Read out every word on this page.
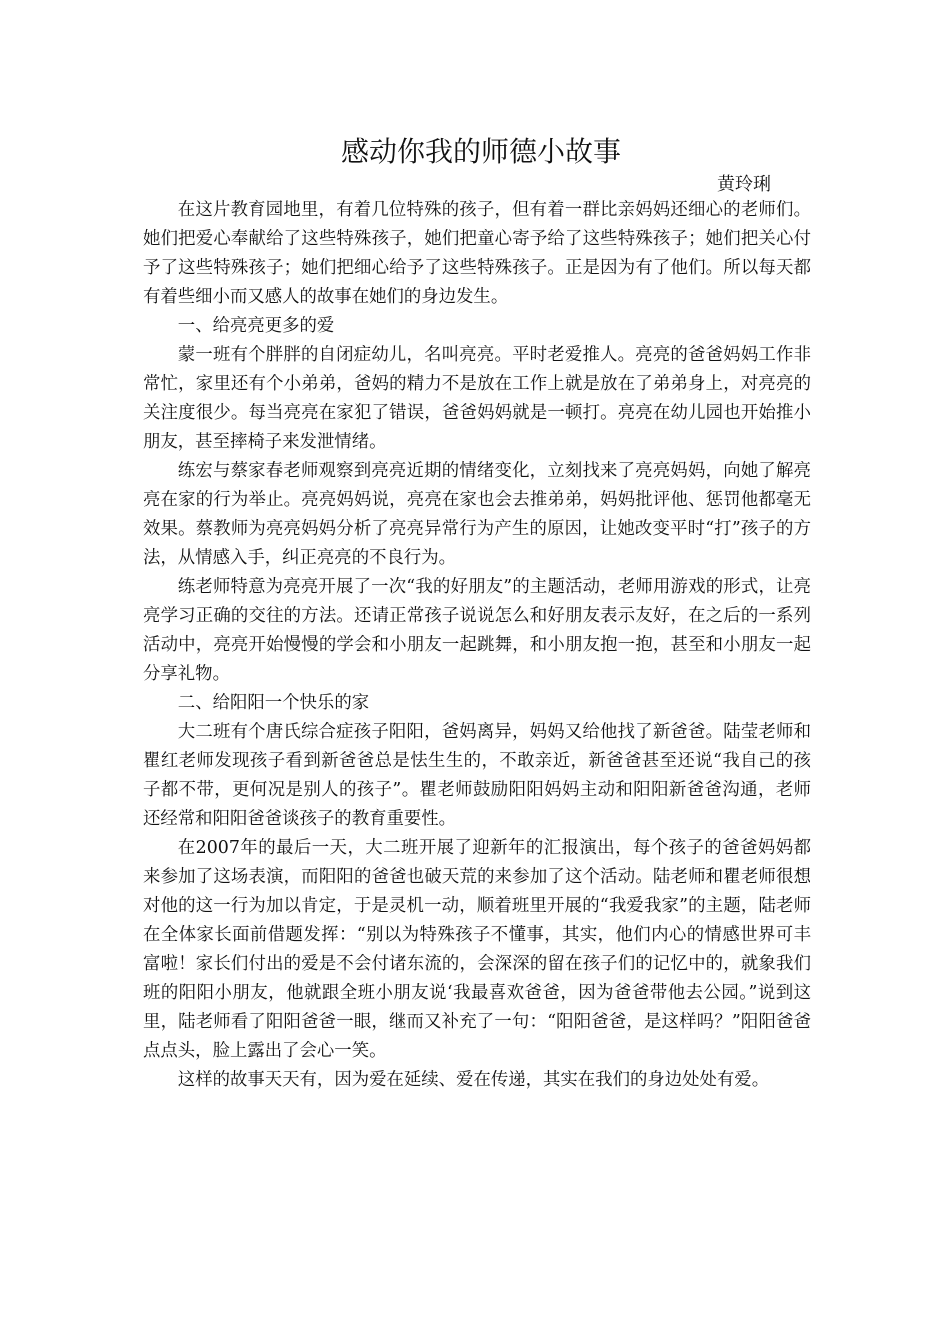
感动你我的师德小故事
黄玲琍

在这片教育园地里，有着几位特殊的孩子，但有着一群比亲妈妈还细心的老师们。她们把爱心奉献给了这些特殊孩子，她们把童心寄予给了这些特殊孩子；她们把关心付予了这些特殊孩子；她们把细心给予了这些特殊孩子。正是因为有了他们。所以每天都有着些细小而又感人的故事在她们的身边发生。

一、给亮亮更多的爱

蒙一班有个胖胖的自闭症幼儿，名叫亮亮。平时老爱推人。亮亮的爸爸妈妈工作非常忙，家里还有个小弟弟，爸妈的精力不是放在工作上就是放在了弟弟身上，对亮亮的关注度很少。每当亮亮在家犯了错误，爸爸妈妈就是一顿打。亮亮在幼儿园也开始推小朋友，甚至摔椅子来发泄情绪。

练宏与蔡家春老师观察到亮亮近期的情绪变化，立刻找来了亮亮妈妈，向她了解亮亮在家的行为举止。亮亮妈妈说，亮亮在家也会去推弟弟，妈妈批评他、惩罚他都毫无效果。蔡教师为亮亮妈妈分析了亮亮异常行为产生的原因，让她改变平时“打”孩子的方法，从情感入手，纠正亮亮的不良行为。

练老师特意为亮亮开展了一次“我的好朋友”的主题活动，老师用游戏的形式，让亮亮学习正确的交往的方法。还请正常孩子说说怎么和好朋友表示友好，在之后的一系列活动中，亮亮开始慢慢的学会和小朋友一起跳舞，和小朋友抱一抱，甚至和小朋友一起分享礼物。

二、给阳阳一个快乐的家

大二班有个唐氏综合症孩子阳阳，爸妈离异，妈妈又给他找了新爸爸。陆莹老师和瞿红老师发现孩子看到新爸爸总是怯生生的，不敢亲近，新爸爸甚至还说“我自己的孩子都不带，更何况是别人的孩子”。瞿老师鼓励阳阳妈妈主动和阳阳新爸爸沟通，老师还经常和阳阳爸爸谈孩子的教育重要性。

在2007年的最后一天，大二班开展了迎新年的汇报演出，每个孩子的爸爸妈妈都来参加了这场表演，而阳阳的爸爸也破天荒的来参加了这个活动。陆老师和瞿老师很想对他的这一行为加以肯定，于是灵机一动，顺着班里开展的“我爱我家”的主题，陆老师在全体家长面前借题发挥：“别以为特殊孩子不懂事，其实，他们内心的情感世界可丰富啦！家长们付出的爱是不会付诸东流的，会深深的留在孩子们的记忆中的，就象我们班的阳阳小朋友，他就跟全班小朋友说‘我最喜欢爸爸，因为爸爸带他去公园。”说到这里，陆老师看了阳阳爸爸一眼，继而又补充了一句：“阳阳爸爸，是这样吗？”阳阳爸爸点点头，脸上露出了会心一笑。

这样的故事天天有，因为爱在延续、爱在传递，其实在我们的身边处处有爱。
